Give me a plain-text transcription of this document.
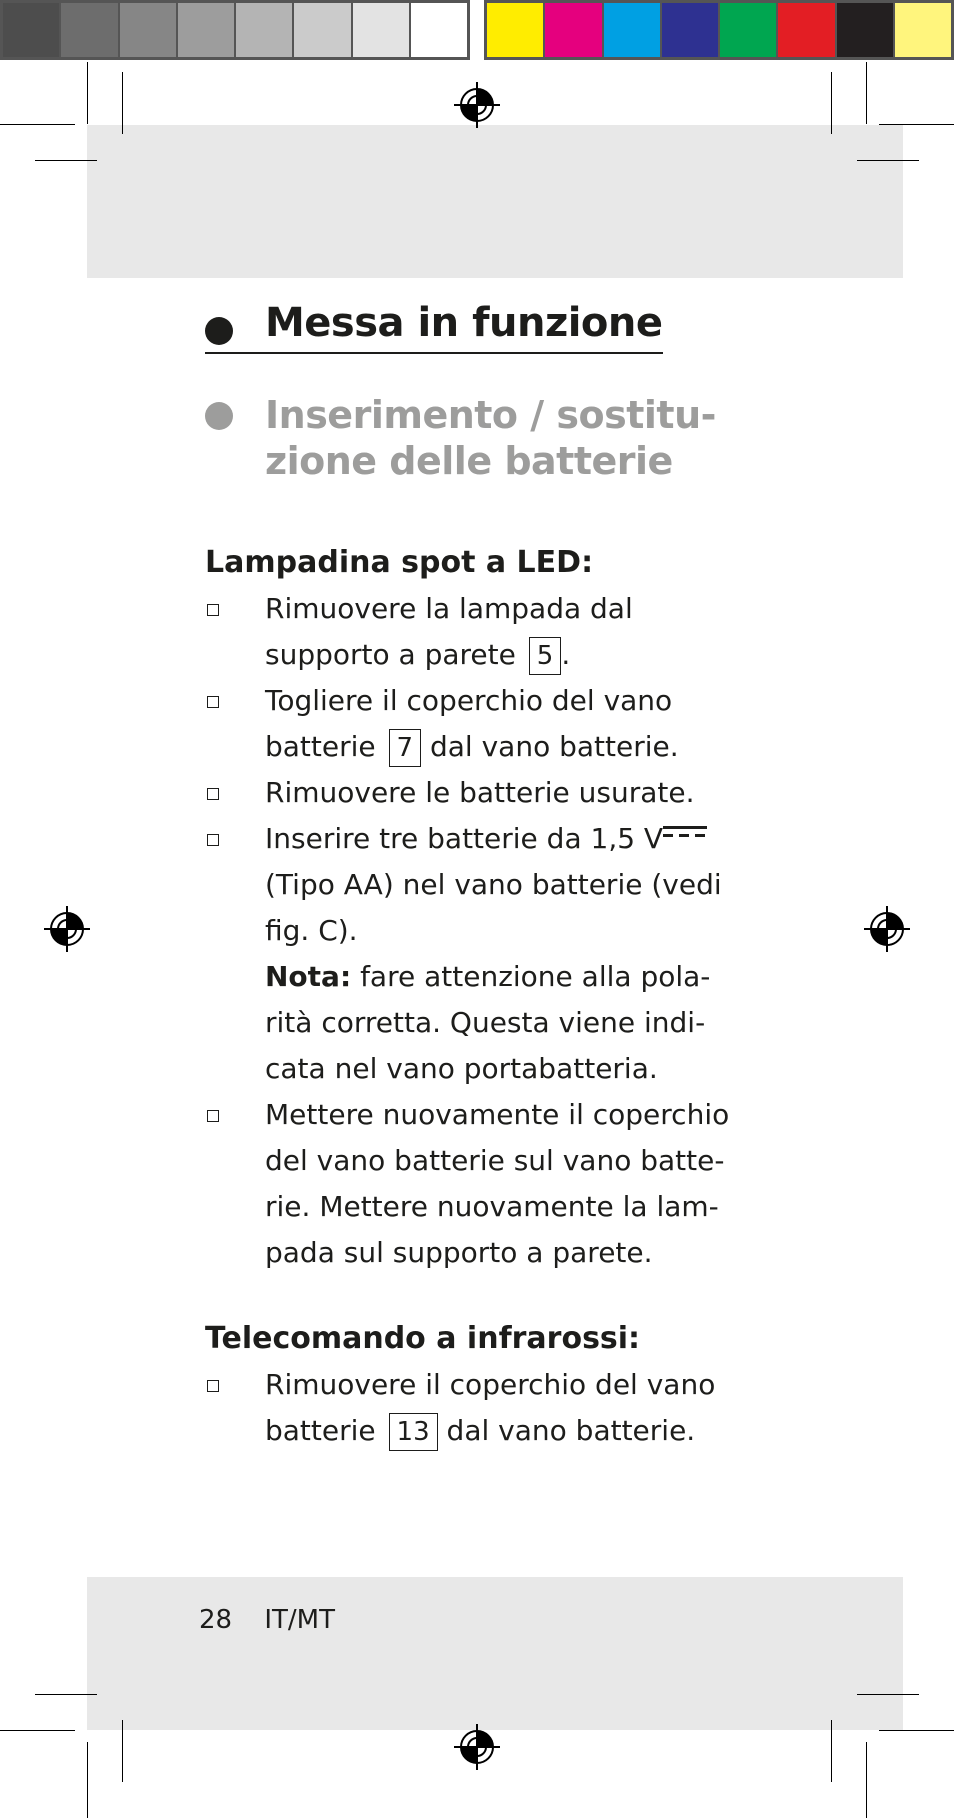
Messa in funzione
Inserimento / sostitu-
zione delle batterie
Lampadina spot a LED:
Rimuovere la lampada dal
supporto a parete 5 .
Togliere il coperchio del vano
batterie 7 dal vano batterie.
Rimuovere le batterie usurate.
Inserire tre batterie da 1,5 V
(Tipo AA) nel vano batterie (vedi
fig. C).
Nota: fare attenzione alla pola-
rità corretta. Questa viene indi-
cata nel vano portabatteria.
Mettere nuovamente il coperchio
del vano batterie sul vano batte-
rie. Mettere nuovamente la lam-
pada sul supporto a parete.
Telecomando a infrarossi:
Rimuovere il coperchio del vano
batterie 13 dal vano batterie.
28 IT/MT
